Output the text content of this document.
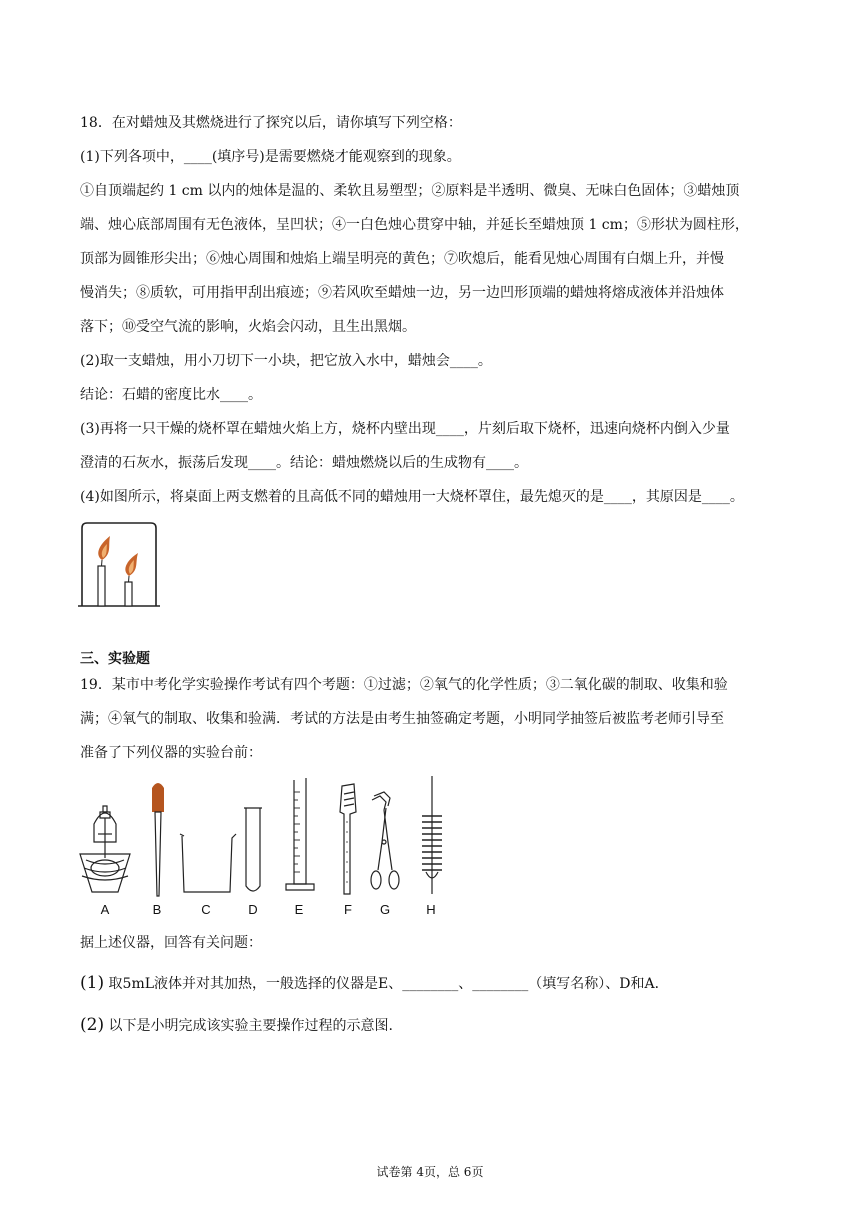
18．在对蜡烛及其燃烧进行了探究以后，请你填写下列空格：
(1)下列各项中，____(填序号)是需要燃烧才能观察到的现象。
①自顶端起约 1 cm 以内的烛体是温的、柔软且易塑型；②原料是半透明、微臭、无味白色固体；③蜡烛顶
端、烛心底部周围有无色液体，呈凹状；④一白色烛心贯穿中轴，并延长至蜡烛顶 1 cm；⑤形状为圆柱形，
顶部为圆锥形尖出；⑥烛心周围和烛焰上端呈明亮的黄色；⑦吹熄后，能看见烛心周围有白烟上升，并慢
慢消失；⑧质软，可用指甲刮出痕迹；⑨若风吹至蜡烛一边，另一边凹形顶端的蜡烛将熔成液体并沿烛体
落下；⑩受空气流的影响，火焰会闪动，且生出黑烟。
(2)取一支蜡烛，用小刀切下一小块，把它放入水中，蜡烛会____。
结论：石蜡的密度比水____。
(3)再将一只干燥的烧杯罩在蜡烛火焰上方，烧杯内壁出现____，片刻后取下烧杯，迅速向烧杯内倒入少量
澄清的石灰水，振荡后发现____。结论：蜡烛燃烧以后的生成物有____。
(4)如图所示，将桌面上两支燃着的且高低不同的蜡烛用一大烧杯罩住，最先熄灭的是____，其原因是____。
三、实验题
19．某市中考化学实验操作考试有四个考题：①过滤；②氧气的化学性质；③二氧化碳的制取、收集和验
满；④氧气的制取、收集和验满．考试的方法是由考生抽签确定考题，小明同学抽签后被监考老师引导至
准备了下列仪器的实验台前：
A	B	C	D	E	F	G	H
据上述仪器，回答有关问题：
(1) 取5mL液体并对其加热，一般选择的仪器是E、________、________（填写名称）、D和A．
(2) 以下是小明完成该实验主要操作过程的示意图.
试卷第 4页，总 6页
